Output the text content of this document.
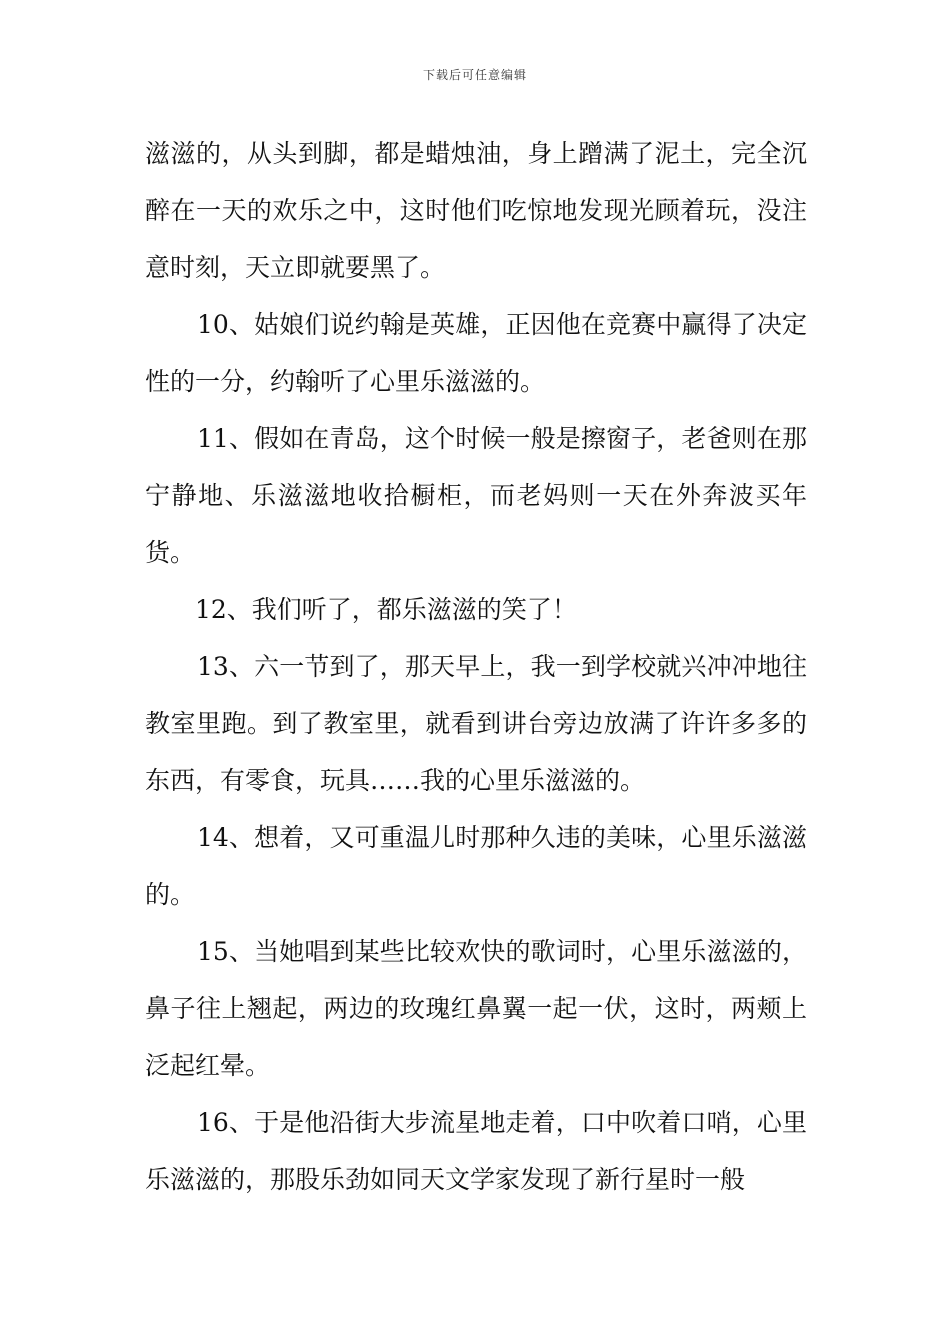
下载后可任意编辑

滋滋的，从头到脚，都是蜡烛油，身上蹭满了泥土，完全沉醉在一天的欢乐之中，这时他们吃惊地发现光顾着玩，没注意时刻，天立即就要黑了。

10、姑娘们说约翰是英雄，正因他在竞赛中赢得了决定性的一分，约翰听了心里乐滋滋的。

11、假如在青岛，这个时候一般是擦窗子，老爸则在那宁静地、乐滋滋地收拾橱柜，而老妈则一天在外奔波买年货。

12、我们听了，都乐滋滋的笑了！

13、六一节到了，那天早上，我一到学校就兴冲冲地往教室里跑。到了教室里，就看到讲台旁边放满了许许多多的东西，有零食，玩具……我的心里乐滋滋的。

14、想着，又可重温儿时那种久违的美味，心里乐滋滋的。

15、当她唱到某些比较欢快的歌词时，心里乐滋滋的，鼻子往上翘起，两边的玫瑰红鼻翼一起一伏，这时，两颊上泛起红晕。

16、于是他沿街大步流星地走着，口中吹着口哨，心里乐滋滋的，那股乐劲如同天文学家发现了新行星时一般
